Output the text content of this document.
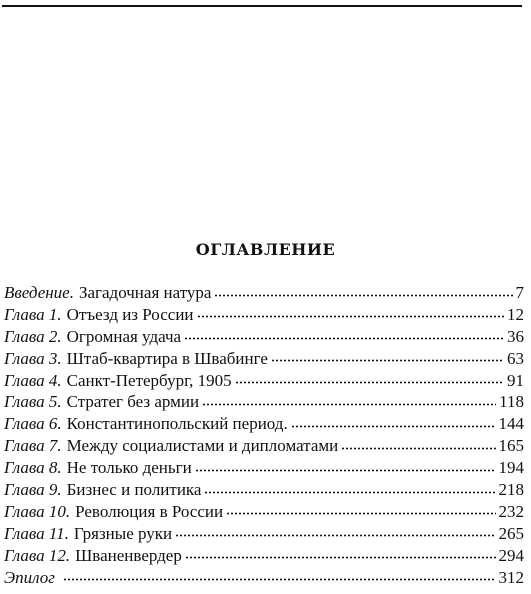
ОГЛАВЛЕНИЕ
Введение. Загадочная натура	7
Глава 1. Отъезд из России	12
Глава 2. Огромная удача	36
Глава 3. Штаб-квартира в Швабинге	63
Глава 4. Санкт-Петербург, 1905	91
Глава 5. Стратег без армии	118
Глава 6. Константинопольский период.	144
Глава 7. Между социалистами и дипломатами	165
Глава 8. Не только деньги	194
Глава 9. Бизнес и политика	218
Глава 10. Революция в России	232
Глава 11. Грязные руки	265
Глава 12. Шваненвердер	294
Эпилог	312
